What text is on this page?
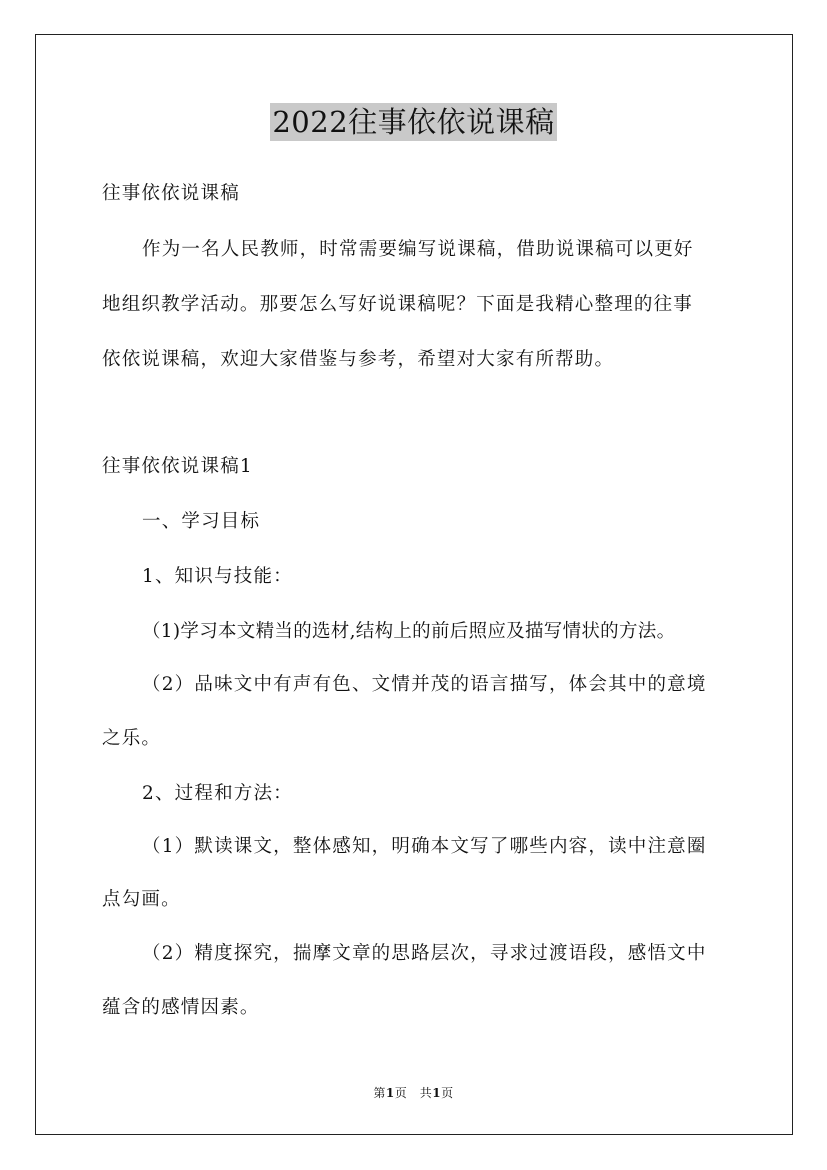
2022往事依依说课稿
往事依依说课稿
作为一名人民教师，时常需要编写说课稿，借助说课稿可以更好
地组织教学活动。那要怎么写好说课稿呢？下面是我精心整理的往事
依依说课稿，欢迎大家借鉴与参考，希望对大家有所帮助。
往事依依说课稿1
一、学习目标
1、知识与技能：
（1)学习本文精当的选材,结构上的前后照应及描写情状的方法。
（2）品味文中有声有色、文情并茂的语言描写，体会其中的意境
之乐。
2、过程和方法：
（1）默读课文，整体感知，明确本文写了哪些内容，读中注意圈
点勾画。
（2）精度探究，揣摩文章的思路层次，寻求过渡语段，感悟文中
蕴含的感情因素。
第1页　共1页
